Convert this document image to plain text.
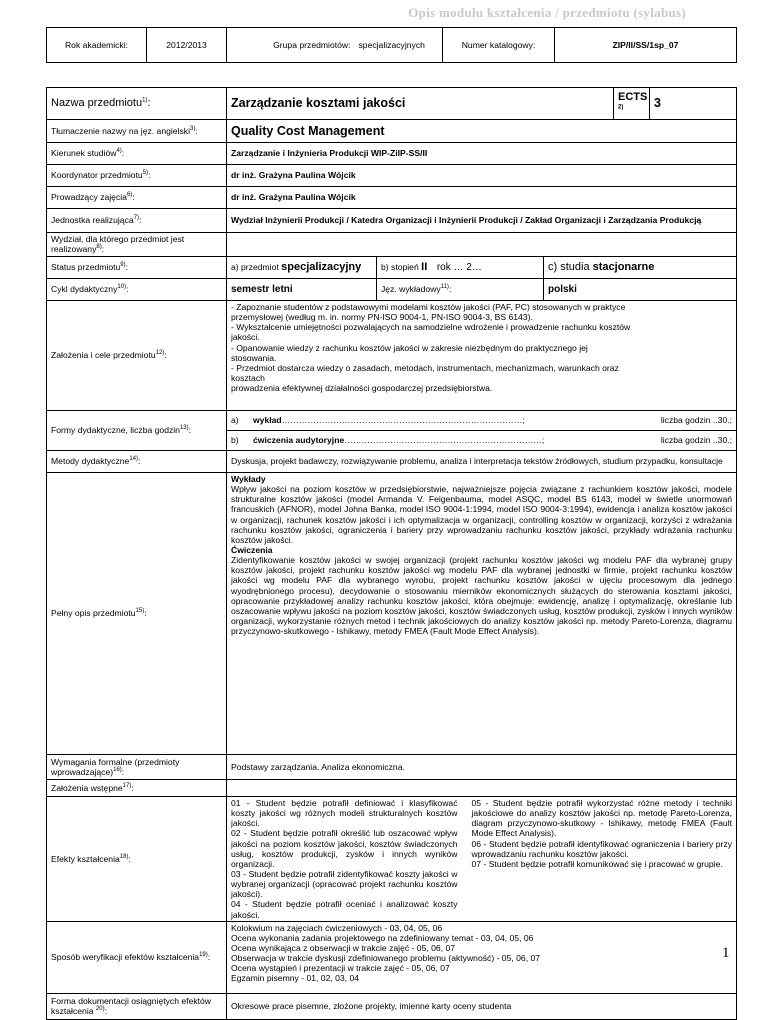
Opis modułu kształcenia / przedmiotu (sylabus)
Rok akademicki:	2012/2013	Grupa przedmiotów:	specjalizacyjnych	Numer katalogowy:	ZIP/II/SS/1sp_07
Nazwa przedmiotu$^{1)}$:	Zarządzanie kosztami jakości	ECTS $^{2)}$	3
Tłumaczenie nazwy na jęz. angielski$^{3)}$:	Quality Cost Management
Kierunek studiów$^{4)}$:	Zarządzanie i Inżynieria Produkcji WIP-ZiIP-SS/II
Koordynator przedmiotu$^{5)}$:	dr inż. Grażyna Paulina Wójcik
Prowadzący zajęcia$^{6)}$:	dr inż. Grażyna Paulina Wójcik
Jednostka realizująca$^{7)}$:	Wydział Inżynierii Produkcji / Katedra Organizacji i Inżynierii Produkcji / Zakład Organizacji i Zarządzania Produkcją
Wydział, dla którego przedmiot jest realizowany$^{8)}$:	
Status przedmiotu$^{9)}$:	a) przedmiot specjalizacyjny	b) stopień II rok … 2…	c) studia stacjonarne
Cykl dydaktyczny$^{10)}$:	semestr letni	Jęz. wykładowy$^{11)}$:	polski
Założenia i cele przedmiotu$^{12)}$:	- Zapoznanie studentów z podstawowymi modelami kosztów jakości (PAF, PC) stosowanych w praktyce
przemysłowej (według m. in. normy PN-ISO 9004-1, PN-ISO 9004-3, BS 6143).
- Wykształcenie umiejętności pozwalających na samodzielne wdrożenie i prowadzenie rachunku kosztów
jakości.
- Opanowanie wiedzy z rachunku kosztów jakości w zakresie niezbędnym do praktycznego jej
stosowania.
- Przedmiot dostarcza wiedzy o zasadach, metodach, instrumentach, mechanizmach, warunkach oraz
kosztach
prowadzenia efektywnej działalności gospodarczej przedsiębiorstwa.
Formy dydaktyczne, liczba godzin$^{13)}$:	
a)	wykład…………………………………………………………………………;	liczba godzin ..30.;

b)	ćwiczenia audytoryjne……………………………………………………………;	liczba godzin ..30.;

Metody dydaktyczne$^{14)}$:	Dyskusja, projekt badawczy, rozwiązywanie problemu, analiza i interpretacja tekstów źródłowych, studium przypadku, konsultacje
Pełny opis przedmiotu$^{15)}$:	
Wykłady
Wpływ jakości na poziom kosztów w przedsiębiorstwie, najważniejsze pojęcia związane z rachunkiem kosztów jakości, modele strukturalne kosztów jakości (model Armanda V. Feigenbauma, model ASQC, model BS 6143, model w świetle unormowań francuskich (AFNOR), model Johna Banka, model ISO 9004-1:1994, model ISO 9004-3:1994), ewidencja i analiza kosztów jakości w organizacji, rachunek kosztów jakości i ich optymalizacja w organizacji, controlling kosztów w organizacji, korzyści z wdrażania rachunku kosztów jakości, ograniczenia i bariery przy wprowadzaniu rachunku kosztów jakości, przykłady wdrażania rachunku kosztów jakości.
Ćwiczenia
Zidentyfikowanie kosztów jakości w swojej organizacji (projekt rachunku kosztów jakości wg modelu PAF dla wybranej grupy kosztów jakości, projekt rachunku kosztów jakości wg modelu PAF dla wybranej jednostki w firmie, projekt rachunku kosztów jakości wg modelu PAF dla wybranego wyrobu, projekt rachunku kosztów jakości w ujęciu procesowym dla jednego wyodrębnionego procesu), decydowanie o stosowaniu mierników ekonomicznych służących do sterowania kosztami jakości, opracowanie przykładowej analizy rachunku kosztów jakości, która obejmuje: ewidencję, analizę i optymalizację, określanie lub oszacowanie wpływu jakości na poziom kosztów jakości, kosztów świadczonych usług, kosztów produkcji, zysków i innych wyników organizacji, wykorzystanie różnych metod i technik jakościowych do analizy kosztów jakości np. metody Pareto-Lorenza, diagramu przyczynowo-skutkowego - Ishikawy, metody FMEA (Fault Mode Effect Analysis).

Wymagania formalne (przedmioty wprowadzające)$^{16)}$:	Podstawy zarządzania. Analiza ekonomiczna.
Założenia wstępne$^{17)}$:	
Efekty kształcenia$^{18)}$:	01 - Student będzie potrafił definiować i klasyfikować koszty jakości wg różnych modeli strukturalnych kosztów jakości.
02 - Student będzie potrafił określić lub oszacować wpływ jakości na poziom kosztów jakości, kosztów świadczonych usług, kosztów produkcji, zysków i innych wyników organizacji.
03 - Student będzie potrafił zidentyfikować koszty jakości w wybranej organizacji (opracować projekt rachunku kosztów jakości).
04 - Student będzie potrafił oceniać i analizować koszty jakości.	05 - Student będzie potrafił wykorzystać różne metody i techniki jakościowe do analizy kosztów jakości np. metodę Pareto-Lorenza, diagram przyczynowo-skutkowy - Ishikawy, metodę FMEA (Fault Mode Effect Analysis).
06 - Student będzie potrafił identyfikować ograniczenia i bariery przy wprowadzaniu rachunku kosztów jakości.
07 - Student będzie potrafił komunikować się i pracować w grupie.
Sposób weryfikacji efektów kształcenia$^{19)}$:	Kolokwium na zajęciach ćwiczeniowych - 03, 04, 05, 06
Ocena wykonania zadania projektowego na zdefiniowany temat - 03, 04, 05, 06
Ocena wynikająca z obserwacji w trakcie zajęć - 05, 06, 07
Obserwacja w trakcie dyskusji zdefiniowanego problemu (aktywność) - 05, 06, 07
Ocena wystąpień i prezentacji w trakcie zajęć - 05, 06, 07
Egzamin pisemny - 01, 02, 03, 04
Forma dokumentacji osiągniętych efektów kształcenia $^{20)}$:	Okresowe prace pisemne, złożone projekty, imienne karty oceny studenta
1
